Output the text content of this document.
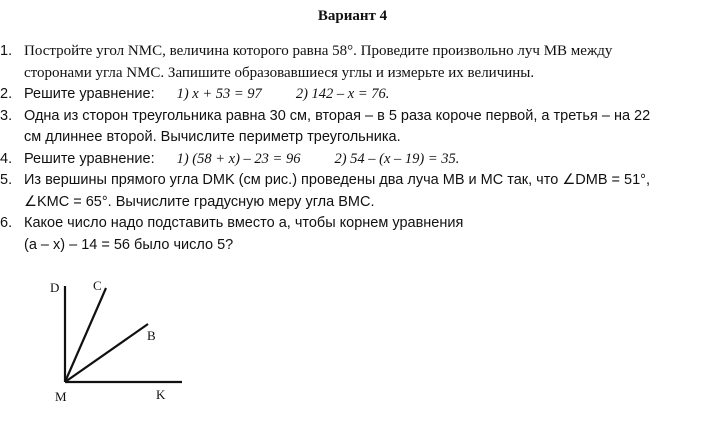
Вариант 4
1. Постройте угол NMC, величина которого равна 58°. Проведите произвольно луч MB между
сторонами угла NMC. Запишите образовавшиеся углы и измерьте их величины.
2. Решите уравнение: 1) x + 53 = 97 2) 142 – x = 76.
3. Одна из сторон треугольника равна 30 см, вторая – в 5 раза короче первой, а третья – на 22
см длиннее второй. Вычислите периметр треугольника.
4. Решите уравнение: 1) (58 + x) – 23 = 96 2) 54 – (x – 19) = 35.
5. Из вершины прямого угла DMK (см рис.) проведены два луча MB и MC так, что ∠DMB = 51°,
∠KMC = 65°. Вычислите градусную меру угла BMC.
6. Какое число надо подставить вместо a, чтобы корнем уравнения
(a – x) – 14 = 56 было число 5?
D	C
B
M	K
